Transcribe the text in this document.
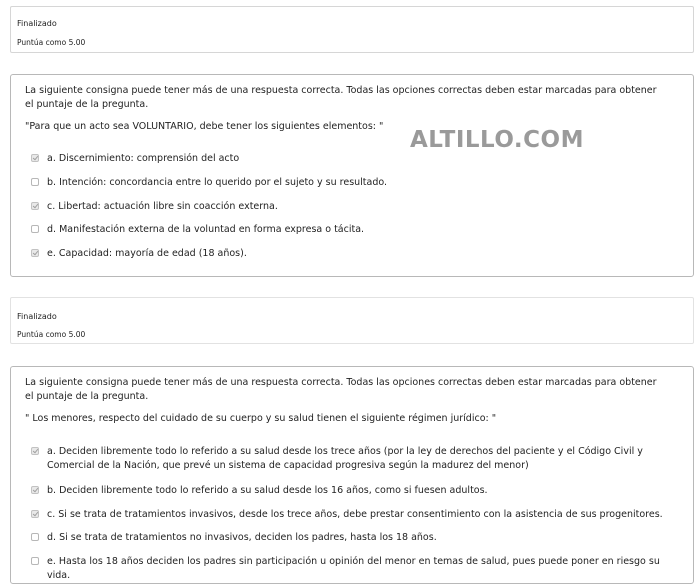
Finalizado
Puntúa como 5.00
La siguiente consigna puede tener más de una respuesta correcta. Todas las opciones correctas deben estar marcadas para obtener el puntaje de la pregunta.
"Para que un acto sea VOLUNTARIO, debe tener los siguientes elementos: "
a. Discernimiento: comprensión del acto
b. Intención: concordancia entre lo querido por el sujeto y su resultado.
c. Libertad: actuación libre sin coacción externa.
d. Manifestación externa de la voluntad en forma expresa o tácita.
e. Capacidad: mayoría de edad (18 años).
ALTILLO.COM
Finalizado
Puntúa como 5.00
La siguiente consigna puede tener más de una respuesta correcta. Todas las opciones correctas deben estar marcadas para obtener el puntaje de la pregunta.
" Los menores, respecto del cuidado de su cuerpo y su salud tienen el siguiente régimen jurídico: "
a. Deciden libremente todo lo referido a su salud desde los trece años (por la ley de derechos del paciente y el Código Civil y Comercial de la Nación, que prevé un sistema de capacidad progresiva según la madurez del menor)
b. Deciden libremente todo lo referido a su salud desde los 16 años, como si fuesen adultos.
c. Si se trata de tratamientos invasivos, desde los trece años, debe prestar consentimiento con la asistencia de sus progenitores.
d. Si se trata de tratamientos no invasivos, deciden los padres, hasta los 18 años.
e. Hasta los 18 años deciden los padres sin participación u opinión del menor en temas de salud, pues puede poner en riesgo su vida.
